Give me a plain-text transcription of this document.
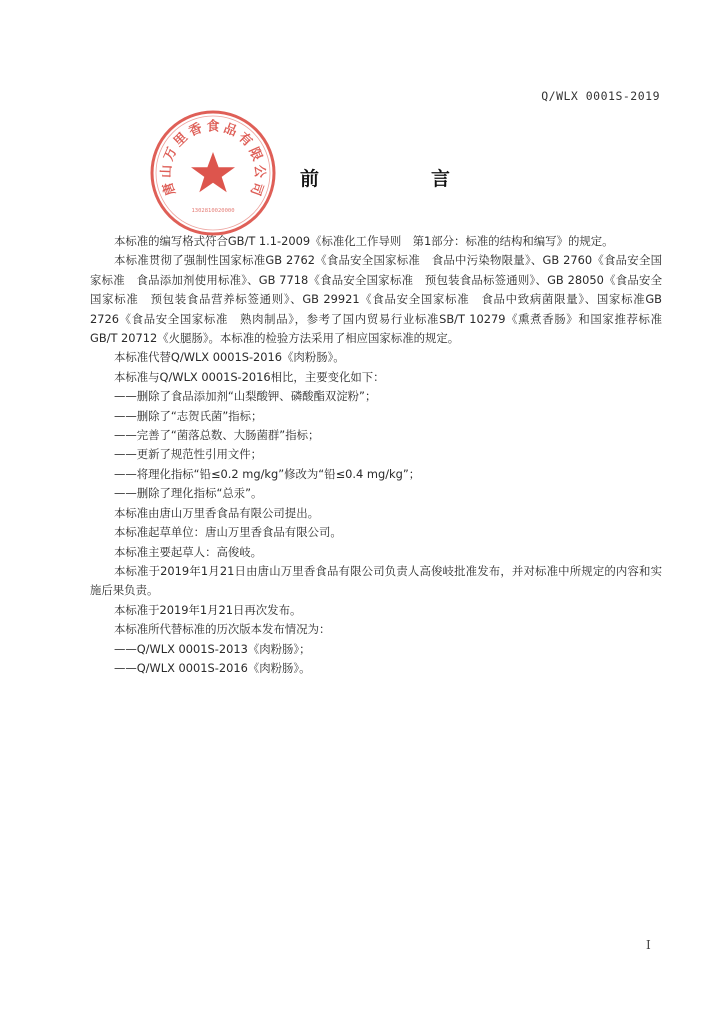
Q/WLX 0001S-2019
唐
山
万
里
香 食 品
有
限
公
司
1302810020000
前	言

本标准的编写格式符合GB/T 1.1-2009《标准化工作导则　第1部分：标准的结构和编写》的规定。

本标准贯彻了强制性国家标准GB 2762《食品安全国家标准　食品中污染物限量》、GB 2760《食品安全国家标准　食品添加剂使用标准》、GB 7718《食品安全国家标准　预包装食品标签通则》、GB 28050《食品安全国家标准　预包装食品营养标签通则》、GB 29921《食品安全国家标准　食品中致病菌限量》、国家标准GB 2726《食品安全国家标准　熟肉制品》，参考了国内贸易行业标准SB/T 10279《熏煮香肠》和国家推荐标准GB/T 20712《火腿肠》。本标准的检验方法采用了相应国家标准的规定。

本标准代替Q/WLX 0001S-2016《肉粉肠》。

本标准与Q/WLX 0001S-2016相比，主要变化如下：

——删除了食品添加剂“山梨酸钾、磷酸酯双淀粉”；

——删除了“志贺氏菌”指标；

——完善了“菌落总数、大肠菌群”指标；

——更新了规范性引用文件；

——将理化指标“铅≤0.2 mg/kg”修改为“铅≤0.4 mg/kg”；

——删除了理化指标“总汞”。

本标准由唐山万里香食品有限公司提出。

本标准起草单位：唐山万里香食品有限公司。

本标准主要起草人：高俊岐。

本标准于2019年1月21日由唐山万里香食品有限公司负责人高俊岐批准发布，并对标准中所规定的内容和实施后果负责。

本标准于2019年1月21日再次发布。

本标准所代替标准的历次版本发布情况为：

——Q/WLX 0001S-2013《肉粉肠》；

——Q/WLX 0001S-2016《肉粉肠》。

I
